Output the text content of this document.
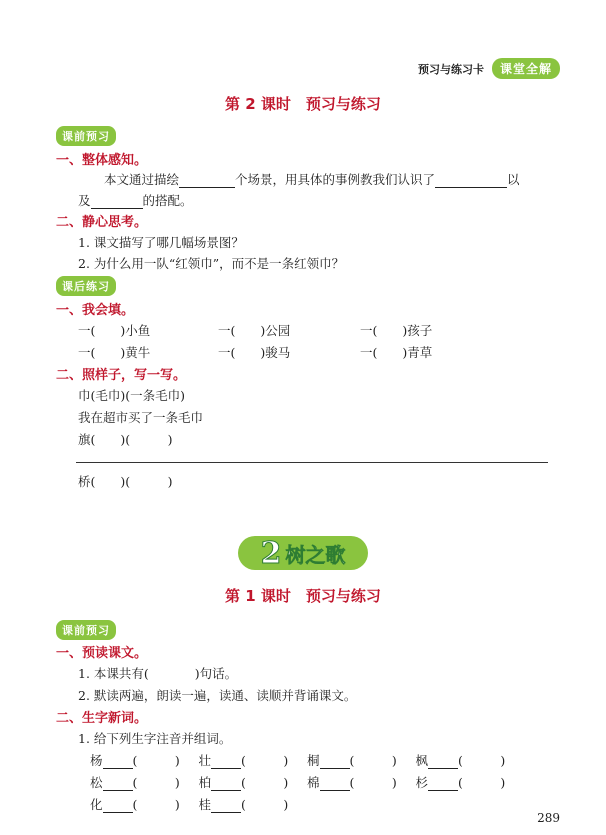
预习与练习卡	课堂全解
第 2 课时　预习与练习
课前预习
一、整体感知。
本文通过描绘	个场景，用具体的事例教我们认识了	以
及	的搭配。
二、静心思考。
1. 课文描写了哪几幅场景图？
2. 为什么用一队“红领巾”，而不是一条红领巾？
课后练习
一、我会填。
一(　　)小鱼	一(　　)公园	一(　　)孩子
一(　　)黄牛	一(　　)骏马	一(　　)青草
二、照样子，写一写。
巾(毛巾)(一条毛巾)
我在超市买了一条毛巾
旗(　　)(　　　)
桥(　　)(　　　)
2 树之歌
第 1 课时　预习与练习
课前预习
一、预读课文。
1. 本课共有(	)句话。
2. 默读两遍，朗读一遍，读通、读顺并背诵课文。
二、生字新词。
1. 给下列生字注音并组词。
杨 (　　　) 壮 (　　　) 桐 (　　　) 枫 (　　　)
松 (　　　) 柏 (　　　) 棉 (　　　) 杉 (　　　)
化 (　　　) 桂 (　　　)
289
